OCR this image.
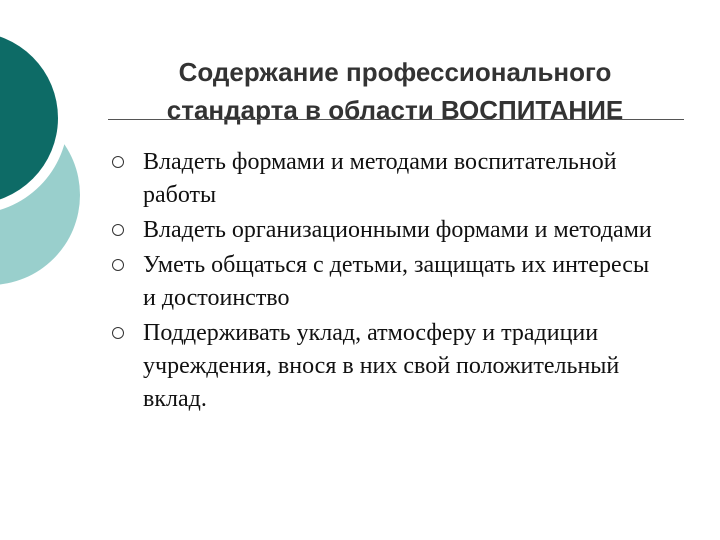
Содержание профессионального
стандарта в области ВОСПИТАНИЕ
Владеть формами и методами воспитательной работы
Владеть организационными формами и методами
Уметь общаться с детьми, защищать их интересы и достоинство
Поддерживать уклад, атмосферу и традиции учреждения, внося в них свой положительный вклад.
